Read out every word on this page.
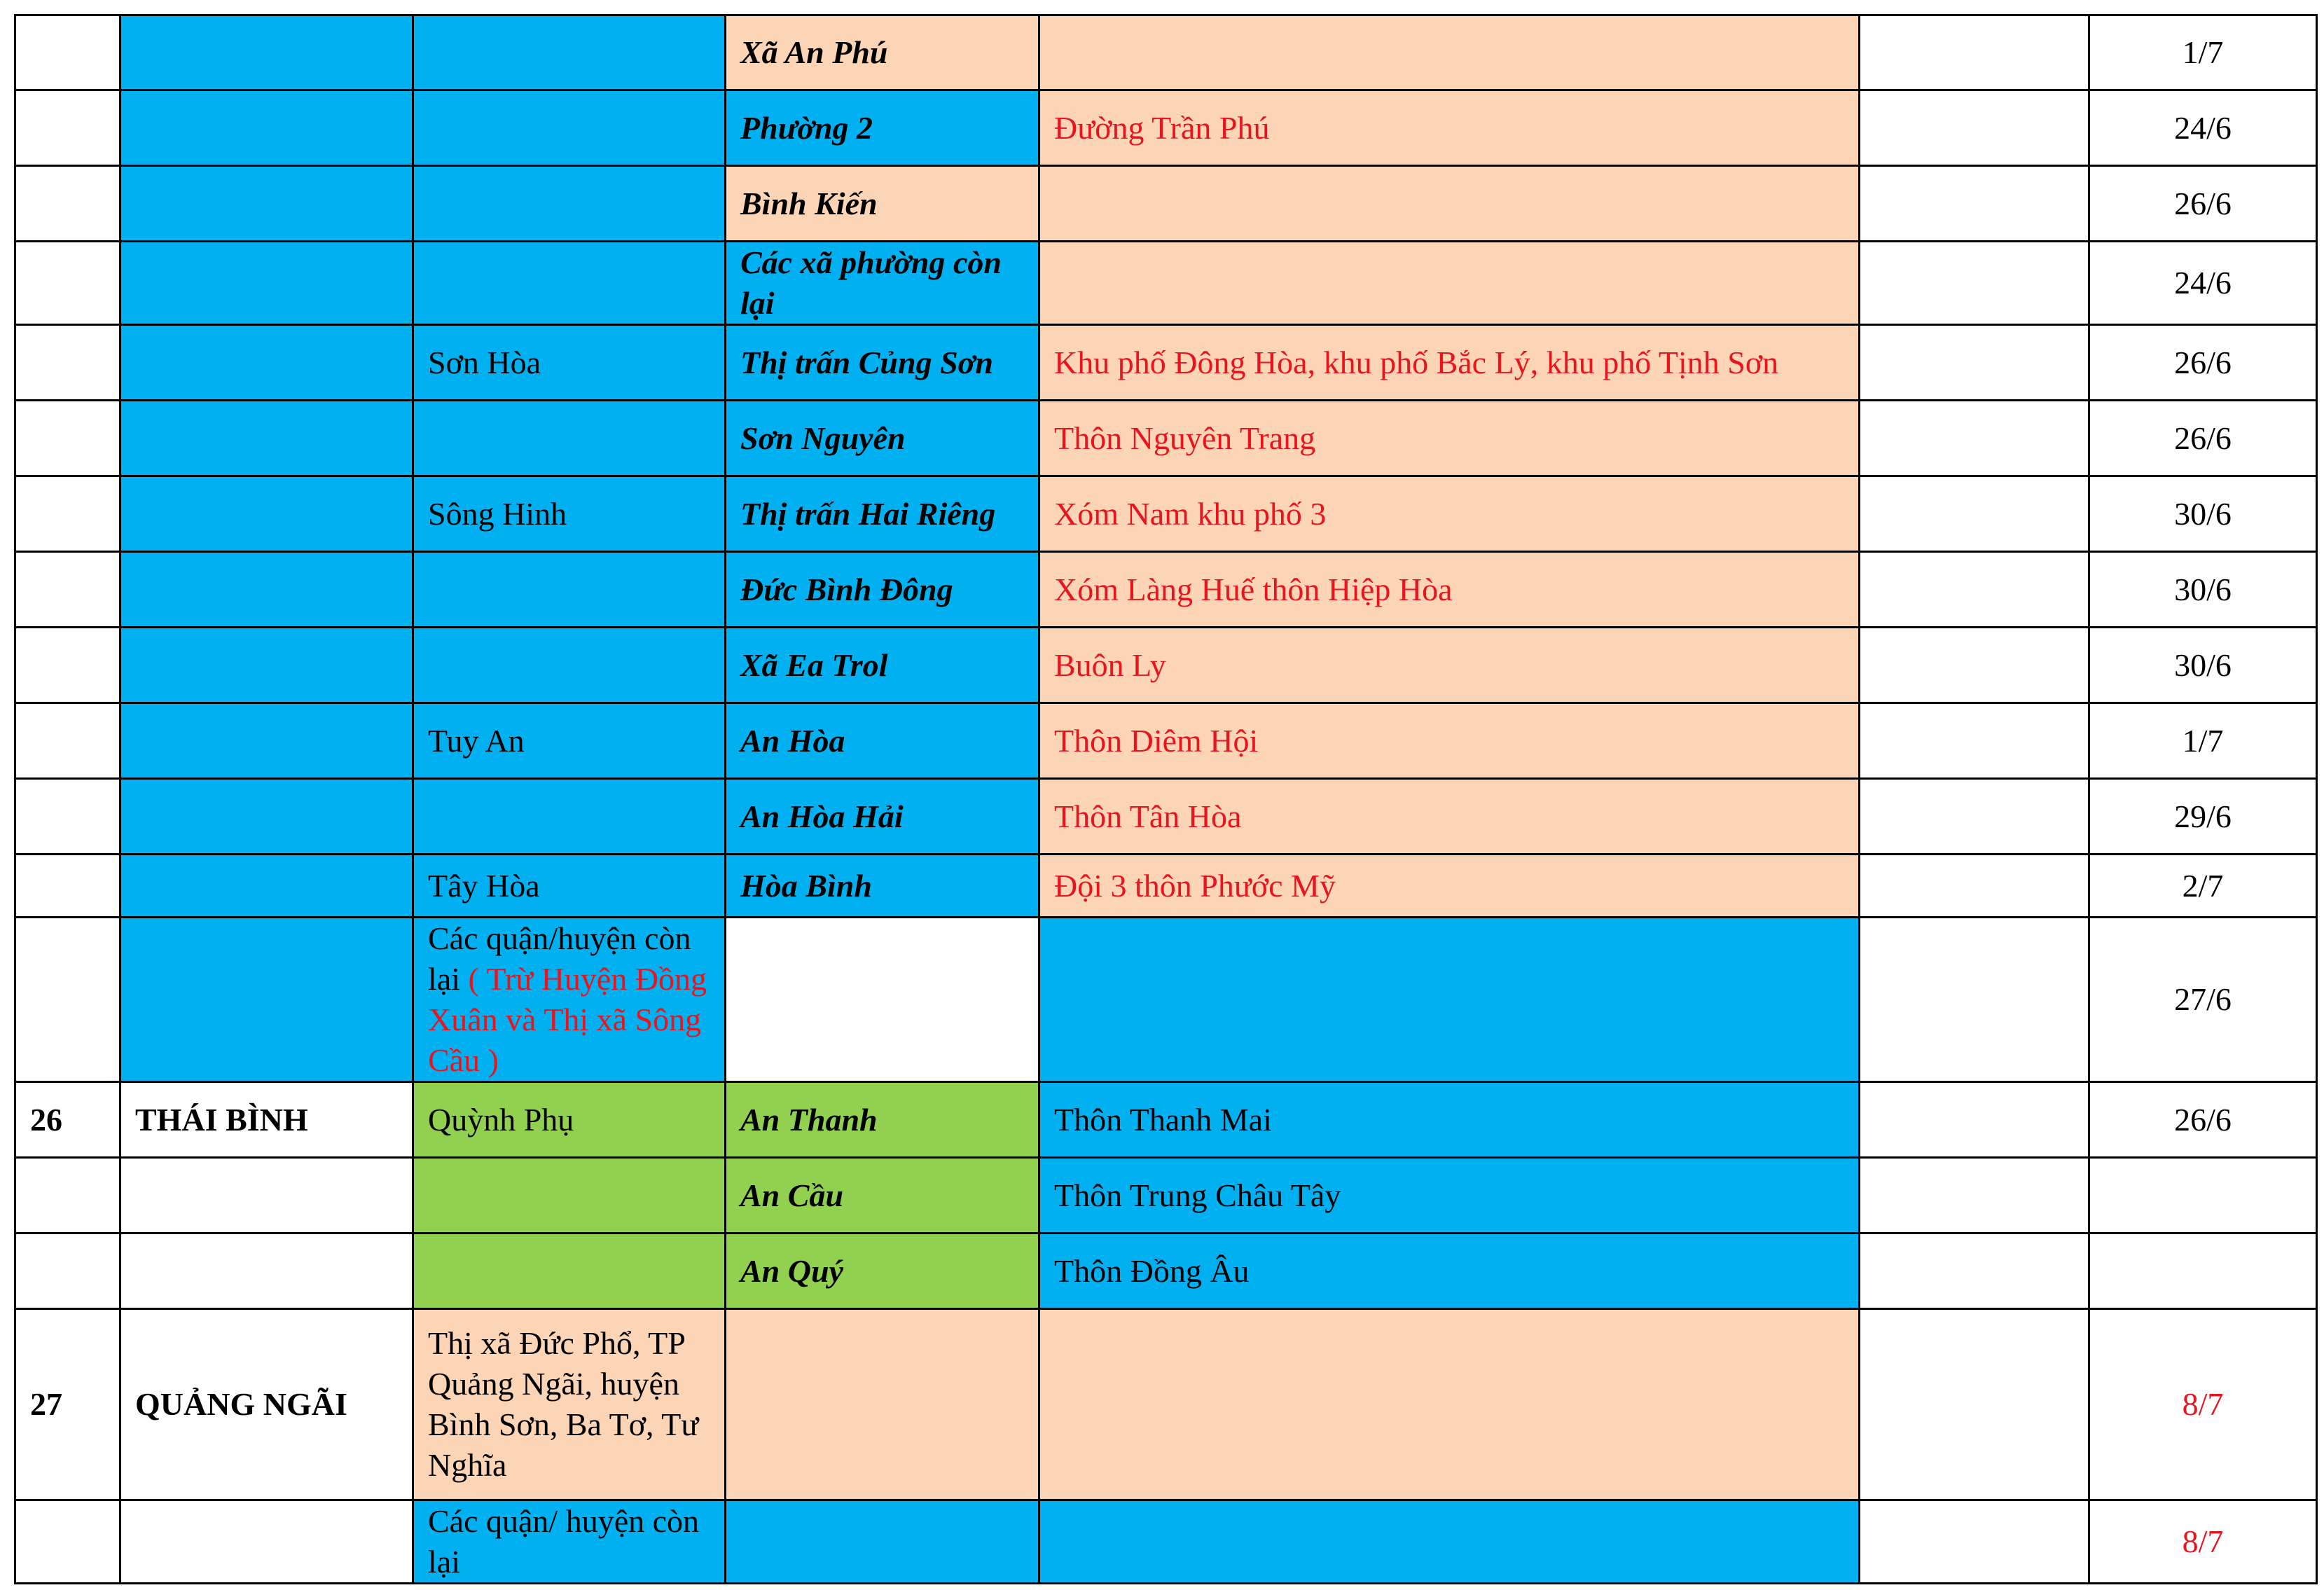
			Xã An Phú			1/7
			Phường 2	Đường Trần Phú		24/6
			Bình Kiến			26/6
			Các xã phường còn lại			24/6
		Sơn Hòa	Thị trấn Củng Sơn	Khu phố Đông Hòa, khu phố Bắc Lý, khu phố Tịnh Sơn		26/6
			Sơn Nguyên	Thôn Nguyên Trang		26/6
		Sông Hinh	Thị trấn Hai Riêng	Xóm Nam khu phố 3		30/6
			Đức Bình Đông	Xóm Làng Huế thôn Hiệp Hòa		30/6
			Xã Ea Trol	Buôn Ly		30/6
		Tuy An	An Hòa	Thôn Diêm Hội		1/7
			An Hòa Hải	Thôn Tân Hòa		29/6
		Tây Hòa	Hòa Bình	Đội 3 thôn Phước Mỹ		2/7
		Các quận/huyện còn lại ( Trừ Huyện Đồng Xuân và Thị xã Sông Cầu )				27/6
26	THÁI BÌNH	Quỳnh Phụ	An Thanh	Thôn Thanh Mai		26/6
			An Cầu	Thôn Trung Châu Tây		
			An Quý	Thôn Đồng Âu		
27	QUẢNG NGÃI	Thị xã Đức Phổ, TP Quảng Ngãi, huyện Bình Sơn, Ba Tơ, Tư Nghĩa				8/7
		Các quận/ huyện còn lại				8/7
